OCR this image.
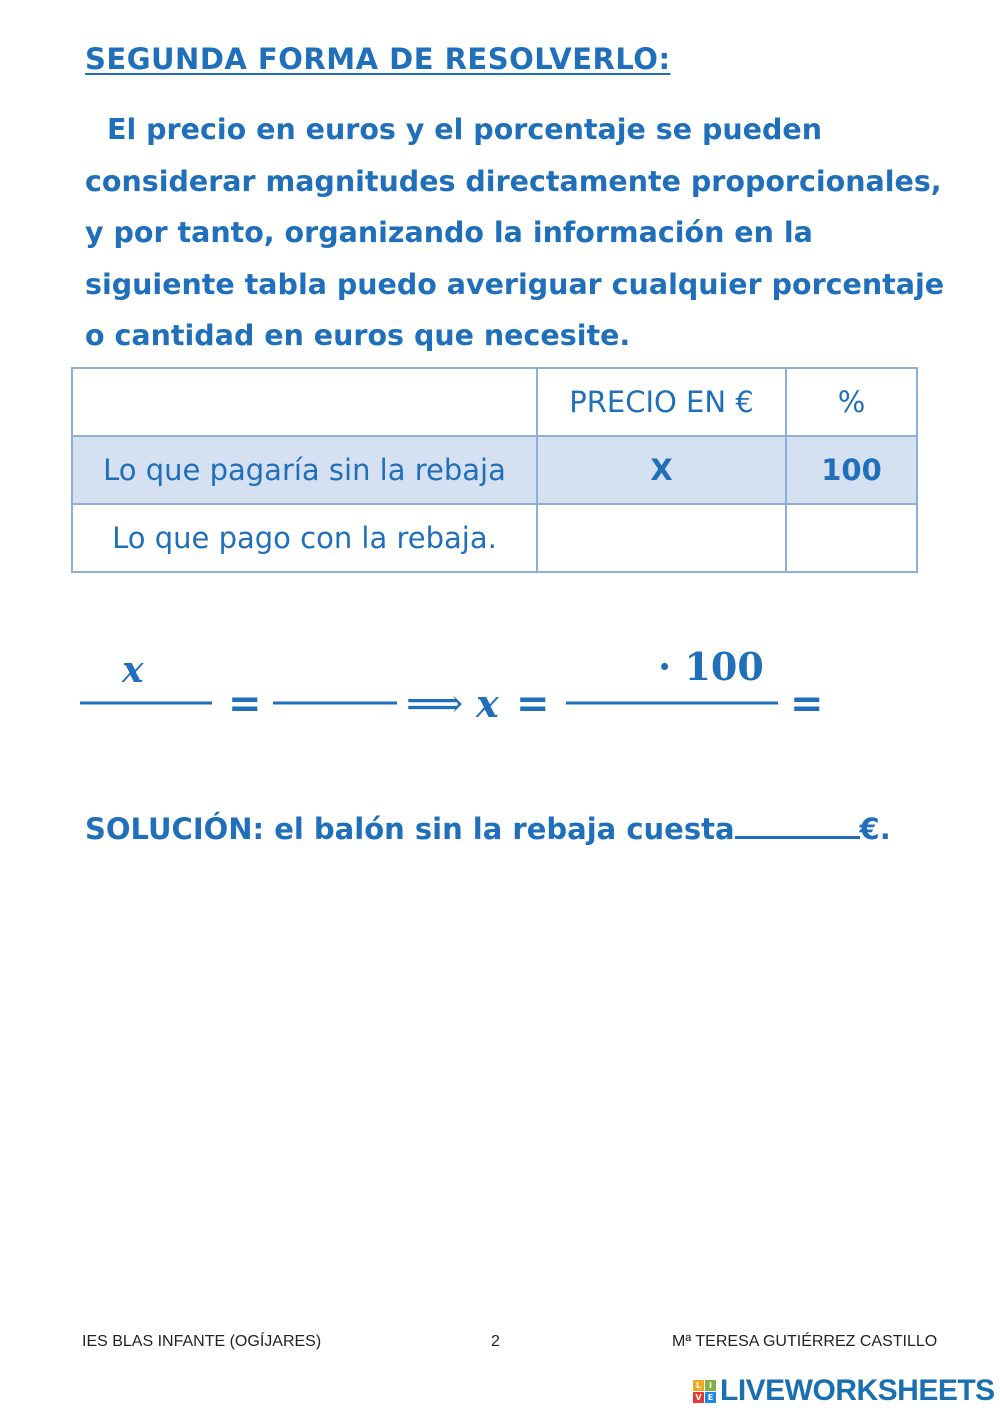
SEGUNDA FORMA DE RESOLVERLO:
El precio en euros y el porcentaje se pueden
considerar magnitudes directamente proporcionales,
y por tanto, organizando la información en la
siguiente tabla puedo averiguar cualquier porcentaje
o cantidad en euros que necesite.
	PRECIO EN €	%
Lo que pagaría sin la rebaja	X	100
Lo que pago con la rebaja.		
x
=	⟹ x =
· 100
=
SOLUCIÓN: el balón sin la rebaja cuesta	€.
IES BLAS INFANTE (OGÍJARES)	2	Mª TERESA GUTIÉRREZ CASTILLO
L I
V E LIVEWORKSHEETS
